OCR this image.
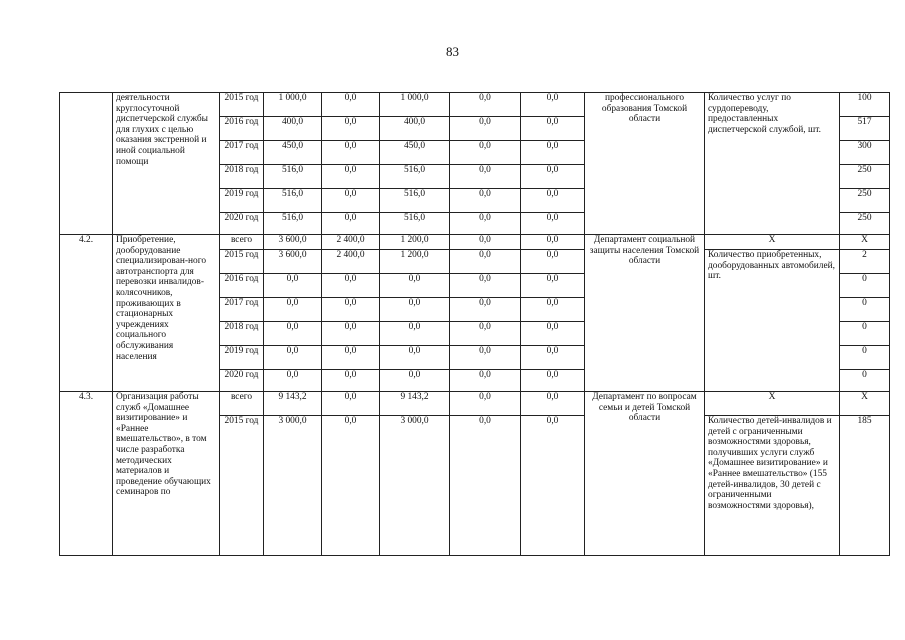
83
	деятельности круглосуточной диспетчерской службы для глухих с целью оказания экстренной и иной социальной помощи	2015 год	1 000,0	0,0	1 000,0	0,0	0,0	профессионального образования Томской области	Количество услуг по сурдопереводу, предоставленных диспетчерской службой, шт.	100
		2016 год	400,0	0,0	400,0	0,0	0,0			517
		2017 год	450,0	0,0	450,0	0,0	0,0			300
		2018 год	516,0	0,0	516,0	0,0	0,0			250
		2019 год	516,0	0,0	516,0	0,0	0,0			250
		2020 год	516,0	0,0	516,0	0,0	0,0			250
4.2.	Приобретение, дооборудование специализирован-ного автотранспорта для перевозки инвалидов-колясочников, проживающих в стационарных учреждениях социального обслуживания населения	всего	3 600,0	2 400,0	1 200,0	0,0	0,0	Департамент социальной защиты населения Томской области	Х	Х
		2015 год	3 600,0	2 400,0	1 200,0	0,0	0,0		Количество приобретенных, дооборудованных автомобилей, шт.	2
		2016 год	0,0	0,0	0,0	0,0	0,0			0
		2017 год	0,0	0,0	0,0	0,0	0,0			0
		2018 год	0,0	0,0	0,0	0,0	0,0			0
		2019 год	0,0	0,0	0,0	0,0	0,0			0
		2020 год	0,0	0,0	0,0	0,0	0,0			0
4.3.	Организация работы служб «Домашнее визитирование» и «Раннее вмешательство», в том числе разработка методических материалов и проведение обучающих семинаров по	всего	9 143,2	0,0	9 143,2	0,0	0,0	Департамент по вопросам семьи и детей Томской области	Х	Х
		2015 год	3 000,0	0,0	3 000,0	0,0	0,0		Количество детей-инвалидов и детей с ограниченными возможностями здоровья, получивших услуги служб «Домашнее визитирование» и «Раннее вмешательство» (155 детей-инвалидов, 30 детей с ограниченными возможностями здоровья),	185
